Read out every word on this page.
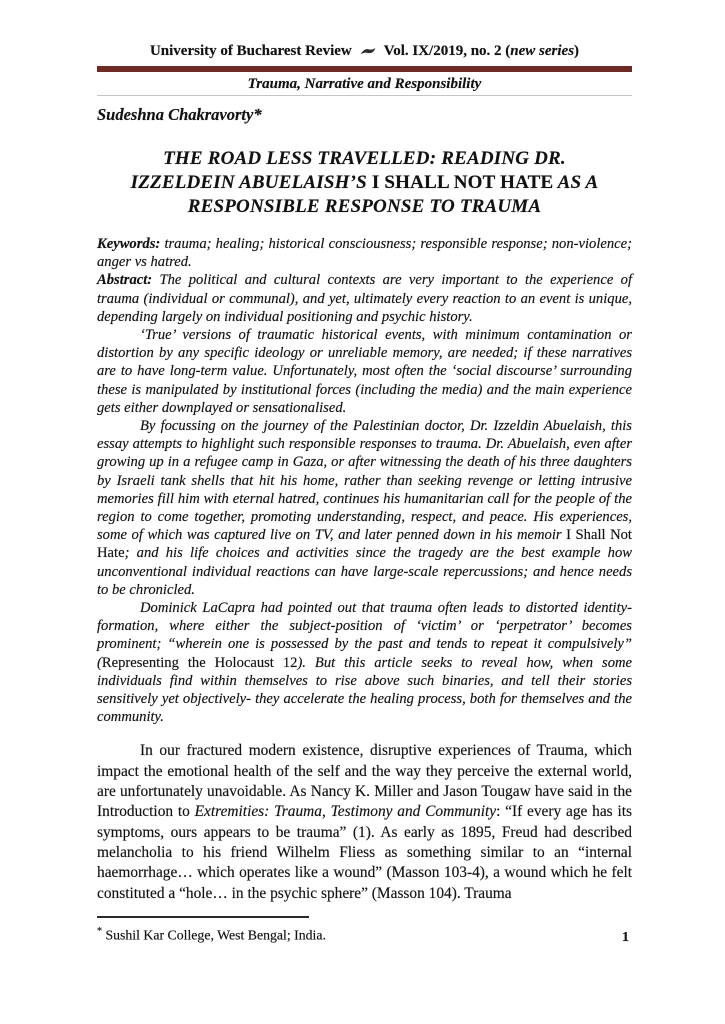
University of Bucharest Review Vol. IX/2019, no. 2 (new series)
Trauma, Narrative and Responsibility
Sudeshna Chakravorty*
THE ROAD LESS TRAVELLED: READING DR.
IZZELDEIN ABUELAISH’S I SHALL NOT HATE AS A
RESPONSIBLE RESPONSE TO TRAUMA

Keywords: trauma; healing; historical consciousness; responsible response; non-violence; anger vs hatred.

Abstract: The political and cultural contexts are very important to the experience of trauma (individual or communal), and yet, ultimately every reaction to an event is unique, depending largely on individual positioning and psychic history.

‘True’ versions of traumatic historical events, with minimum contamination or distortion by any specific ideology or unreliable memory, are needed; if these narratives are to have long-term value. Unfortunately, most often the ‘social discourse’ surrounding these is manipulated by institutional forces (including the media) and the main experience gets either downplayed or sensationalised.

By focussing on the journey of the Palestinian doctor, Dr. Izzeldin Abuelaish, this essay attempts to highlight such responsible responses to trauma. Dr. Abuelaish, even after growing up in a refugee camp in Gaza, or after witnessing the death of his three daughters by Israeli tank shells that hit his home, rather than seeking revenge or letting intrusive memories fill him with eternal hatred, continues his humanitarian call for the people of the region to come together, promoting understanding, respect, and peace. His experiences, some of which was captured live on TV, and later penned down in his memoir I Shall Not Hate; and his life choices and activities since the tragedy are the best example how unconventional individual reactions can have large-scale repercussions; and hence needs to be chronicled.

Dominick LaCapra had pointed out that trauma often leads to distorted identity-formation, where either the subject-position of ‘victim’ or ‘perpetrator’ becomes prominent; “wherein one is possessed by the past and tends to repeat it compulsively” (Representing the Holocaust 12). But this article seeks to reveal how, when some individuals find within themselves to rise above such binaries, and tell their stories sensitively yet objectively- they accelerate the healing process, both for themselves and the community.

In our fractured modern existence, disruptive experiences of Trauma, which impact the emotional health of the self and the way they perceive the external world, are unfortunately unavoidable. As Nancy K. Miller and Jason Tougaw have said in the Introduction to Extremities: Trauma, Testimony and Community: “If every age has its symptoms, ours appears to be trauma” (1). As early as 1895, Freud had described melancholia to his friend Wilhelm Fliess as something similar to an “internal haemorrhage… which operates like a wound” (Masson 103-4), a wound which he felt constituted a “hole… in the psychic sphere” (Masson 104). Trauma

* Sushil Kar College, West Bengal; India.	1
